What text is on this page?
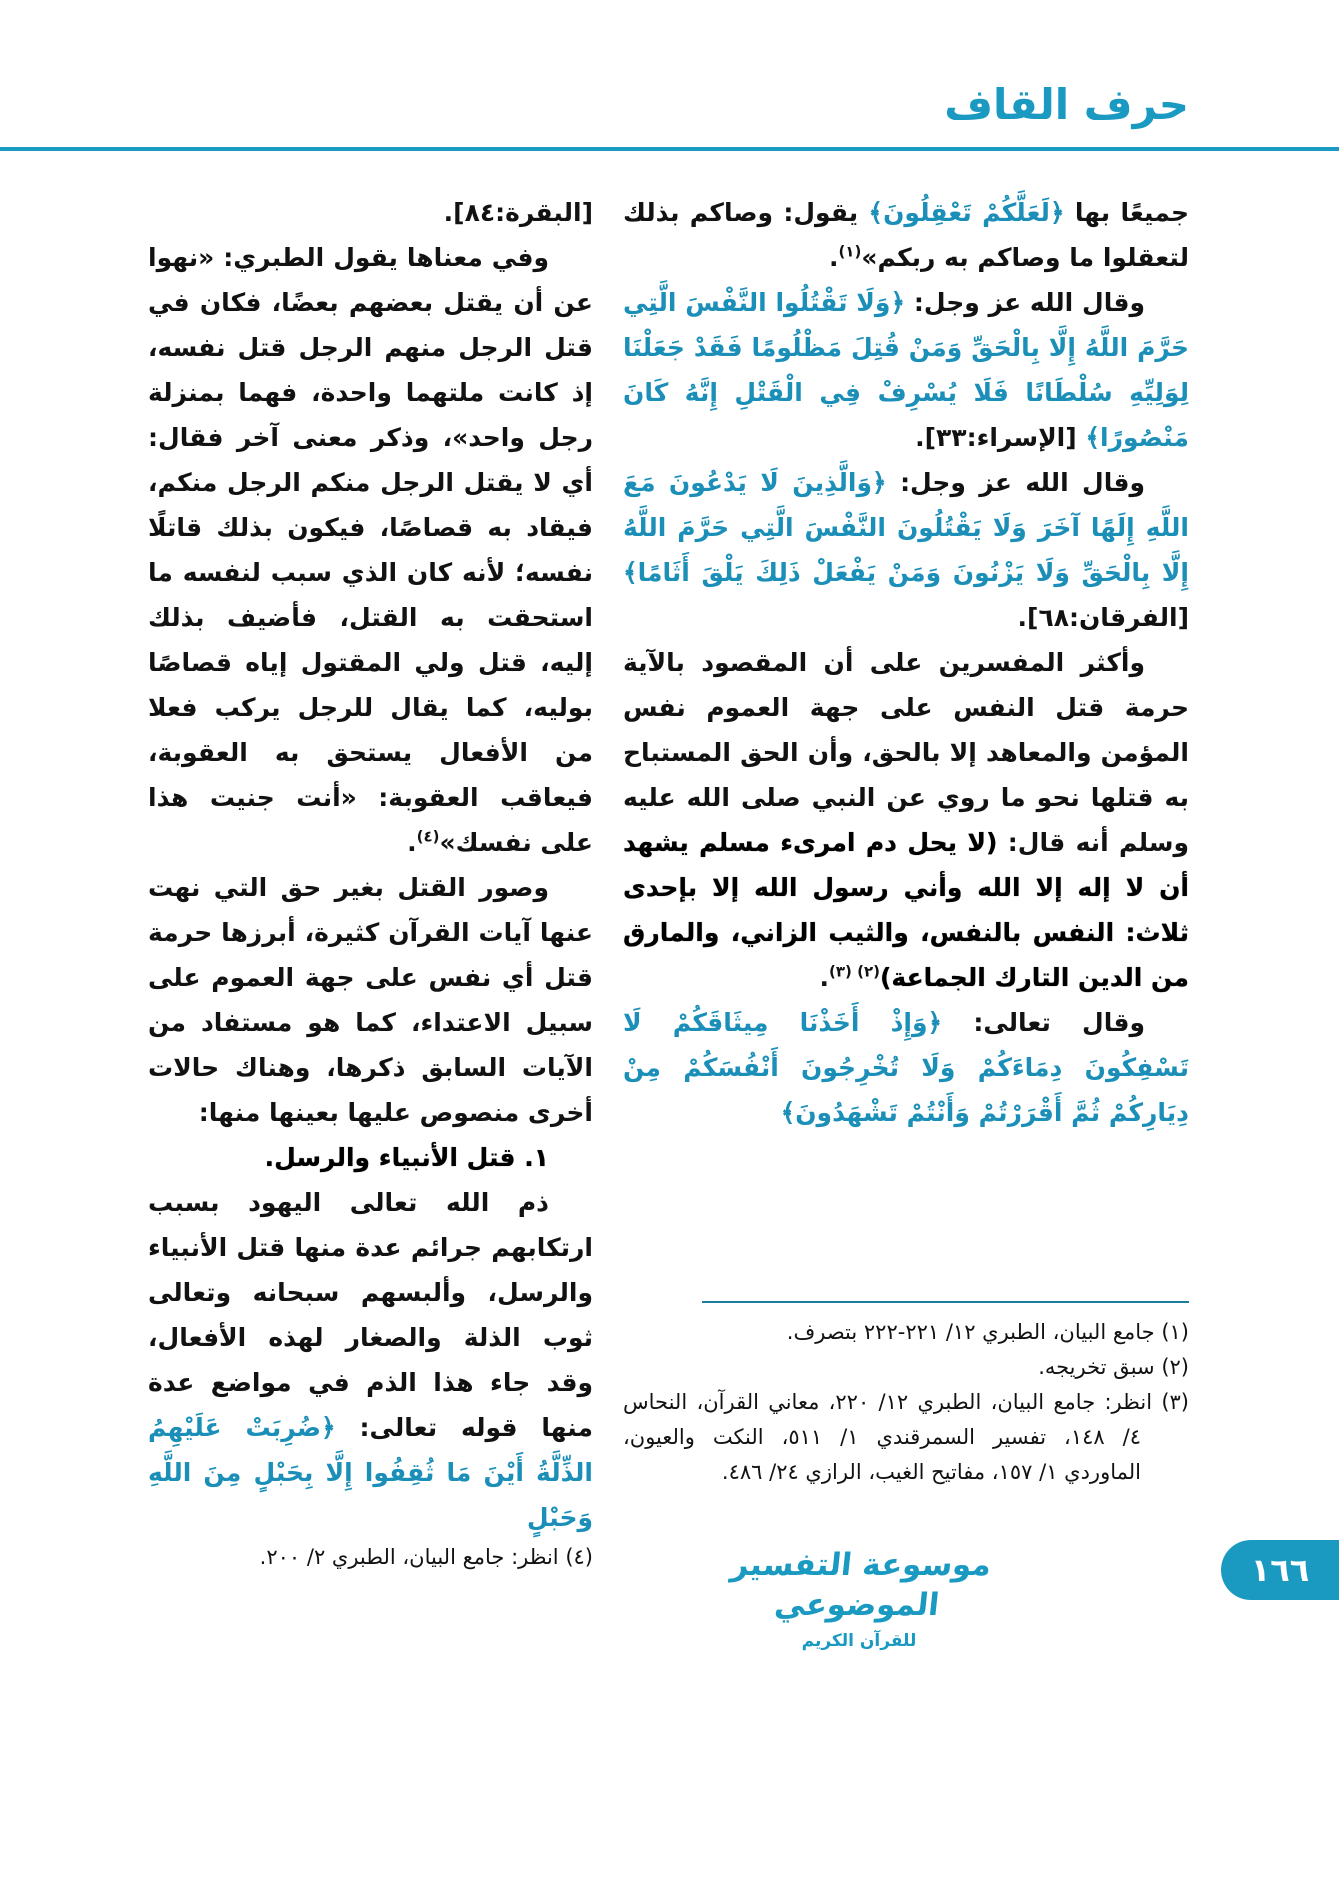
حرف القاف

جميعًا بها ﴿لَعَلَّكُمْ تَعْقِلُونَ﴾ يقول: وصاكم بذلك لتعقلوا ما وصاكم به ربكم»$^{(١)}$.

وقال الله عز وجل: ﴿وَلَا تَقْتُلُوا النَّفْسَ الَّتِي حَرَّمَ اللَّهُ إِلَّا بِالْحَقِّ وَمَنْ قُتِلَ مَظْلُومًا فَقَدْ جَعَلْنَا لِوَلِيِّهِ سُلْطَانًا فَلَا يُسْرِفْ فِي الْقَتْلِ إِنَّهُ كَانَ مَنْصُورًا﴾ [الإسراء:٣٣].

وقال الله عز وجل: ﴿وَالَّذِينَ لَا يَدْعُونَ مَعَ اللَّهِ إِلَهًا آخَرَ وَلَا يَقْتُلُونَ النَّفْسَ الَّتِي حَرَّمَ اللَّهُ إِلَّا بِالْحَقِّ وَلَا يَزْنُونَ وَمَنْ يَفْعَلْ ذَلِكَ يَلْقَ أَثَامًا﴾ [الفرقان:٦٨].

وأكثر المفسرين على أن المقصود بالآية حرمة قتل النفس على جهة العموم نفس المؤمن والمعاهد إلا بالحق، وأن الحق المستباح به قتلها نحو ما روي عن النبي صلى الله عليه وسلم أنه قال: (لا يحل دم امرىء مسلم يشهد أن لا إله إلا الله وأني رسول الله إلا بإحدى ثلاث: النفس بالنفس، والثيب الزاني، والمارق من الدين التارك الجماعة)$^{(٢) (٣)}$.

وقال تعالى: ﴿وَإِذْ أَخَذْنَا مِيثَاقَكُمْ لَا تَسْفِكُونَ دِمَاءَكُمْ وَلَا تُخْرِجُونَ أَنْفُسَكُمْ مِنْ دِيَارِكُمْ ثُمَّ أَقْرَرْتُمْ وَأَنْتُمْ تَشْهَدُونَ﴾

(١) جامع البيان، الطبري ١٢/ ٢٢١-٢٢٢ بتصرف.

(٢) سبق تخريجه.

(٣) انظر: جامع البيان، الطبري ١٢/ ٢٢٠، معاني القرآن، النحاس ٤/ ١٤٨، تفسير السمرقندي ١/ ٥١١، النكت والعيون، الماوردي ١/ ١٥٧، مفاتيح الغيب، الرازي ٢٤/ ٤٨٦.

[البقرة:٨٤].

وفي معناها يقول الطبري: «نهوا عن أن يقتل بعضهم بعضًا، فكان في قتل الرجل منهم الرجل قتل نفسه، إذ كانت ملتهما واحدة، فهما بمنزلة رجل واحد»، وذكر معنى آخر فقال: أي لا يقتل الرجل منكم الرجل منكم، فيقاد به قصاصًا، فيكون بذلك قاتلًا نفسه؛ لأنه كان الذي سبب لنفسه ما استحقت به القتل، فأضيف بذلك إليه، قتل ولي المقتول إياه قصاصًا بوليه، كما يقال للرجل يركب فعلا من الأفعال يستحق به العقوبة، فيعاقب العقوبة: «أنت جنيت هذا على نفسك»$^{(٤)}$.

وصور القتل بغير حق التي نهت عنها آيات القرآن كثيرة، أبرزها حرمة قتل أي نفس على جهة العموم على سبيل الاعتداء، كما هو مستفاد من الآيات السابق ذكرها، وهناك حالات أخرى منصوص عليها بعينها منها:

١. قتل الأنبياء والرسل.

ذم الله تعالى اليهود بسبب ارتكابهم جرائم عدة منها قتل الأنبياء والرسل، وألبسهم سبحانه وتعالى ثوب الذلة والصغار لهذه الأفعال، وقد جاء هذا الذم في مواضع عدة منها قوله تعالى: ﴿ضُرِبَتْ عَلَيْهِمُ الذِّلَّةُ أَيْنَ مَا ثُقِفُوا إِلَّا بِحَبْلٍ مِنَ اللَّهِ وَحَبْلٍ

(٤) انظر: جامع البيان، الطبري ٢/ ٢٠٠.	موسوعة التفسير الموضوعي
للقرآن الكريم
١٦٦
